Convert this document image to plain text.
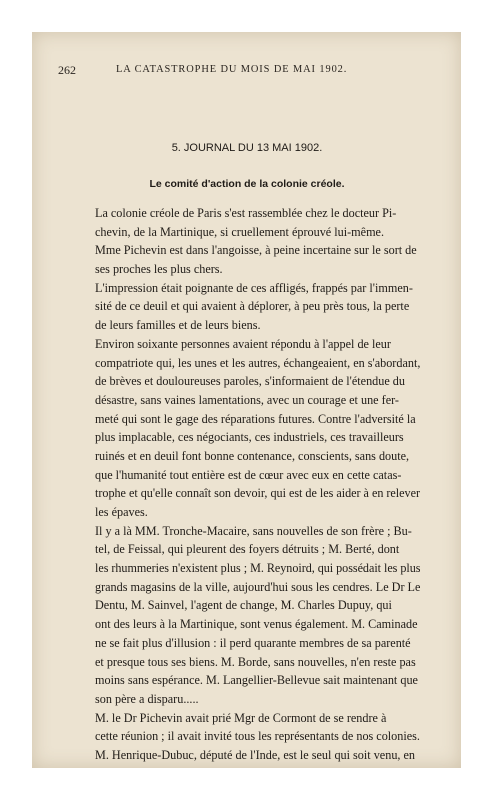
262	LA CATASTROPHE DU MOIS DE MAI 1902.
5. JOURNAL DU 13 MAI 1902.
Le comité d'action de la colonie créole.
La colonie créole de Paris s'est rassemblée chez le docteur Pi-
chevin, de la Martinique, si cruellement éprouvé lui-même.
Mme Pichevin est dans l'angoisse, à peine incertaine sur le sort de
ses proches les plus chers.
L'impression était poignante de ces affligés, frappés par l'immen-
sité de ce deuil et qui avaient à déplorer, à peu près tous, la perte
de leurs familles et de leurs biens.
Environ soixante personnes avaient répondu à l'appel de leur
compatriote qui, les unes et les autres, échangeaient, en s'abordant,
de brèves et douloureuses paroles, s'informaient de l'étendue du
désastre, sans vaines lamentations, avec un courage et une fer-
meté qui sont le gage des réparations futures. Contre l'adversité la
plus implacable, ces négociants, ces industriels, ces travailleurs
ruinés et en deuil font bonne contenance, conscients, sans doute,
que l'humanité tout entière est de cœur avec eux en cette catas-
trophe et qu'elle connaît son devoir, qui est de les aider à en relever
les épaves.
Il y a là MM. Tronche-Macaire, sans nouvelles de son frère ; Bu-
tel, de Feissal, qui pleurent des foyers détruits ; M. Berté, dont
les rhummeries n'existent plus ; M. Reynoird, qui possédait les plus
grands magasins de la ville, aujourd'hui sous les cendres. Le Dr Le
Dentu, M. Sainvel, l'agent de change, M. Charles Dupuy, qui
ont des leurs à la Martinique, sont venus également. M. Caminade
ne se fait plus d'illusion : il perd quarante membres de sa parenté
et presque tous ses biens. M. Borde, sans nouvelles, n'en reste pas
moins sans espérance. M. Langellier-Bellevue sait maintenant que
son père a disparu.....
M. le Dr Pichevin avait prié Mgr de Cormont de se rendre à
cette réunion ; il avait invité tous les représentants de nos colonies.
M. Henrique-Dubuc, député de l'Inde, est le seul qui soit venu, en
